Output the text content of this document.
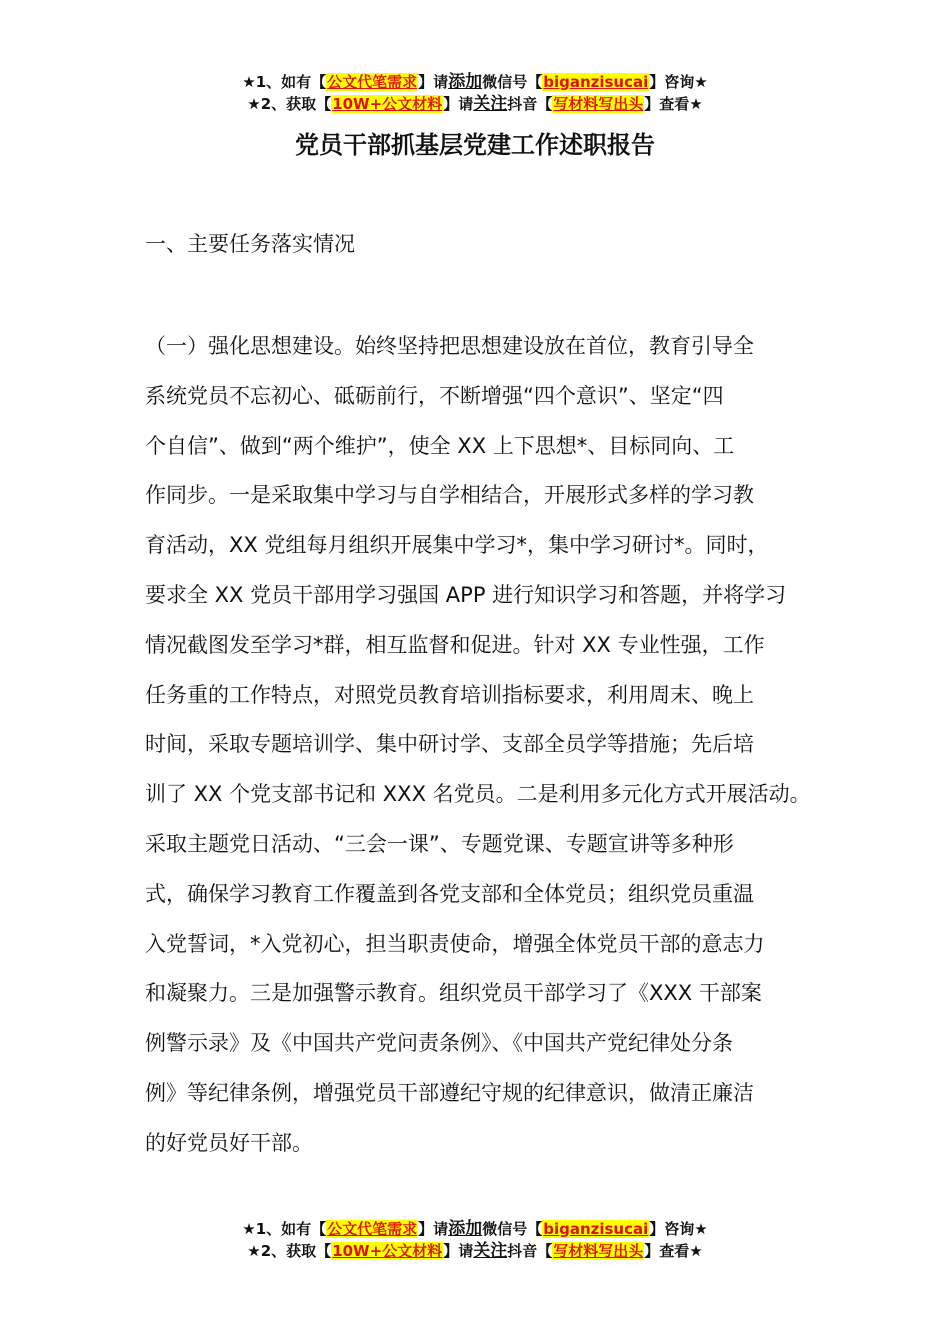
★1、如有【公文代笔需求】请添加微信号【biganzisucai】咨询★
★2、获取【10W+公文材料】请关注抖音【写材料写出头】查看★
党员干部抓基层党建工作述职报告
一、主要任务落实情况
（一）强化思想建设。始终坚持把思想建设放在首位，教育引导全
系统党员不忘初心、砥砺前行，不断增强“四个意识”、坚定“四
个自信”、做到“两个维护”，使全 XX 上下思想*、目标同向、工
作同步。一是采取集中学习与自学相结合，开展形式多样的学习教
育活动，XX 党组每月组织开展集中学习*，集中学习研讨*。同时，
要求全 XX 党员干部用学习强国 APP 进行知识学习和答题，并将学习
情况截图发至学习*群，相互监督和促进。针对 XX 专业性强，工作
任务重的工作特点，对照党员教育培训指标要求，利用周末、晚上
时间，采取专题培训学、集中研讨学、支部全员学等措施；先后培
训了 XX 个党支部书记和 XXX 名党员。二是利用多元化方式开展活动。
采取主题党日活动、“三会一课”、专题党课、专题宣讲等多种形
式，确保学习教育工作覆盖到各党支部和全体党员；组织党员重温
入党誓词，*入党初心，担当职责使命，增强全体党员干部的意志力
和凝聚力。三是加强警示教育。组织党员干部学习了《XXX 干部案
例警示录》及《中国共产党问责条例》、《中国共产党纪律处分条
例》等纪律条例，增强党员干部遵纪守规的纪律意识，做清正廉洁
的好党员好干部。
★1、如有【公文代笔需求】请添加微信号【biganzisucai】咨询★
★2、获取【10W+公文材料】请关注抖音【写材料写出头】查看★
